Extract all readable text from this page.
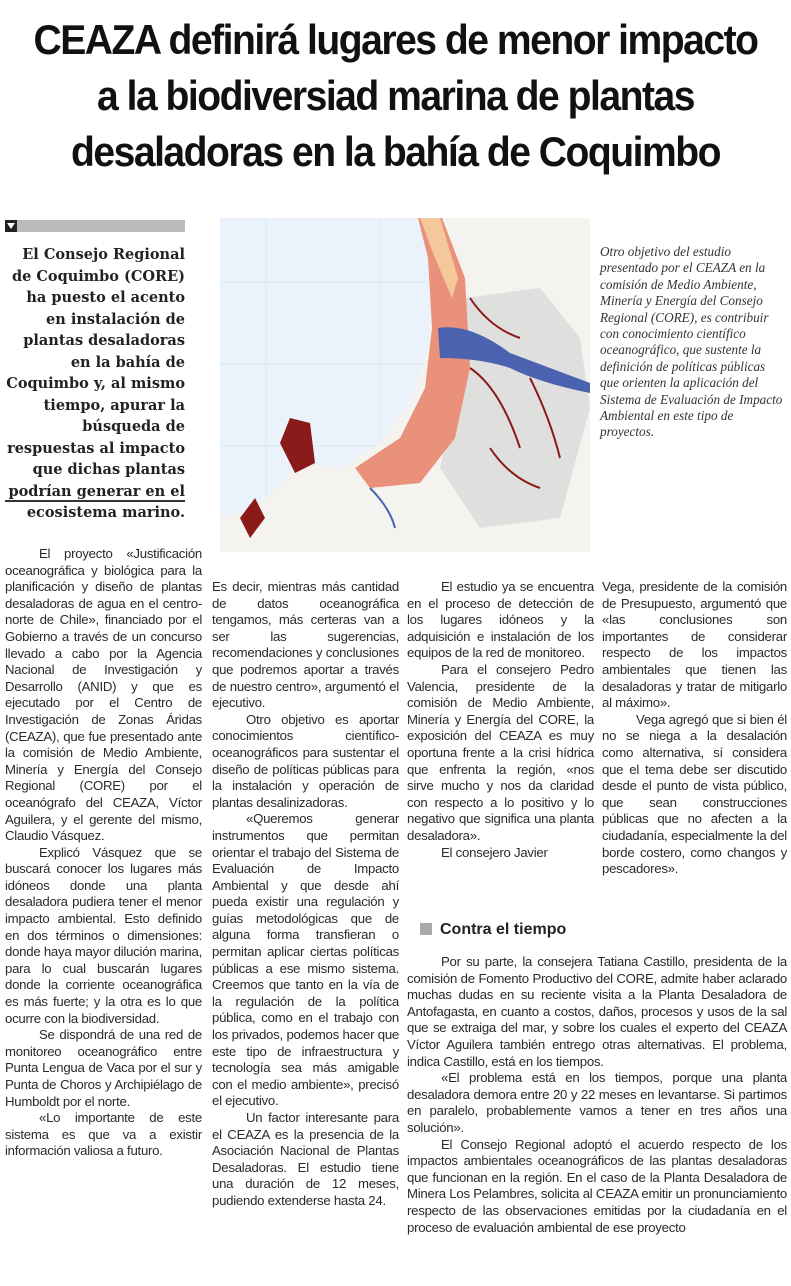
CEAZA definirá lugares de menor impacto
a la biodiversiad marina de plantas
desaladoras en la bahía de Coquimbo
El Consejo Regional de Coquimbo (CORE) ha puesto el acento en instalación de plantas desaladoras en la bahía de Coquimbo y, al mismo tiempo, apurar la búsqueda de respuestas al impacto que dichas plantas podrían generar en el ecosistema marino.
Otro objetivo del estudio presentado por el CEAZA en la comisión de Medio Ambiente, Minería y Energía del Consejo Regional (CORE), es contribuir con conocimiento científico oceanográfico, que sustente la definición de políticas públicas que orienten la aplicación del Sistema de Evaluación de Impacto Ambiental en este tipo de proyectos.

El proyecto «Justificación oceanográfica y biológica para la planificación y diseño de plantas desaladoras de agua en el centro-norte de Chile», financiado por el Gobierno a través de un concurso llevado a cabo por la Agencia Nacional de Investigación y Desarrollo (ANID) y que es ejecutado por el Centro de Investigación de Zonas Áridas (CEAZA), que fue presentado ante la comisión de Medio Ambiente, Minería y Energía del Consejo Regional (CORE) por el oceanógrafo del CEAZA, Víctor Aguilera, y el gerente del mismo, Claudio Vásquez.

Explicó Vásquez que se buscará conocer los lugares más idóneos donde una planta desaladora pudiera tener el menor impacto ambiental. Esto definido en dos términos o dimensiones: donde haya mayor dilución marina, para lo cual buscarán lugares donde la corriente oceanográfica es más fuerte; y la otra es lo que ocurre con la biodiversidad.

Se dispondrá de una red de monitoreo oceanográfico entre Punta Lengua de Vaca por el sur y Punta de Choros y Archipiélago de Humboldt por el norte.

«Lo importante de este sistema es que va a existir información valiosa a futuro.

Es decir, mientras más cantidad de datos oceanográfica tengamos, más certeras van a ser las sugerencias, recomendaciones y conclusiones que podremos aportar a través de nuestro centro», argumentó el ejecutivo.

Otro objetivo es aportar conocimientos científico-oceanográficos para sustentar el diseño de políticas públicas para la instalación y operación de plantas desalinizadoras.

«Queremos generar instrumentos que permitan orientar el trabajo del Sistema de Evaluación de Impacto Ambiental y que desde ahí pueda existir una regulación y guías metodológicas que de alguna forma transfieran o permitan aplicar ciertas políticas públicas a ese mismo sistema. Creemos que tanto en la vía de la regulación de la política pública, como en el trabajo con los privados, podemos hacer que este tipo de infraestructura y tecnología sea más amigable con el medio ambiente», precisó el ejecutivo.

Un factor interesante para el CEAZA es la presencia de la Asociación Nacional de Plantas Desaladoras. El estudio tiene una duración de 12 meses, pudiendo extenderse hasta 24.

El estudio ya se encuentra en el proceso de detección de los lugares idóneos y la adquisición e instalación de los equipos de la red de monitoreo.

Para el consejero Pedro Valencia, presidente de la comisión de Medio Ambiente, Minería y Energía del CORE, la exposición del CEAZA es muy oportuna frente a la crisi hídrica que enfrenta la región, «nos sirve mucho y nos da claridad con respecto a lo positivo y lo negativo que significa una planta desaladora».

El consejero Javier

Vega, presidente de la comisión de Presupuesto, argumentó que «las conclusiones son importantes de considerar respecto de los impactos ambientales que tienen las desaladoras y tratar de mitigarlo al máximo».

Vega agregó que si bien él no se niega a la desalación como alternativa, sí considera que el tema debe ser discutido desde el punto de vista público, que sean construcciones públicas que no afecten a la ciudadanía, especialmente la del borde costero, como changos y pescadores».

Contra el tiempo

Por su parte, la consejera Tatiana Castillo, presidenta de la comisión de Fomento Productivo del CORE, admite haber aclarado muchas dudas en su reciente visita a la Planta Desaladora de Antofagasta, en cuanto a costos, daños, procesos y usos de la sal que se extraiga del mar, y sobre los cuales el experto del CEAZA Víctor Aguilera también entrego otras alternativas. El problema, indica Castillo, está en los tiempos.

«El problema está en los tiempos, porque una planta desaladora demora entre 20 y 22 meses en levantarse. Si partimos en paralelo, probablemente vamos a tener en tres años una solución».

El Consejo Regional adoptó el acuerdo respecto de los impactos ambientales oceanográficos de las plantas desaladoras que funcionan en la región. En el caso de la Planta Desaladora de Minera Los Pelambres, solicita al CEAZA emitir un pronunciamiento respecto de las observaciones emitidas por la ciudadanía en el proceso de evaluación ambiental de ese proyecto
